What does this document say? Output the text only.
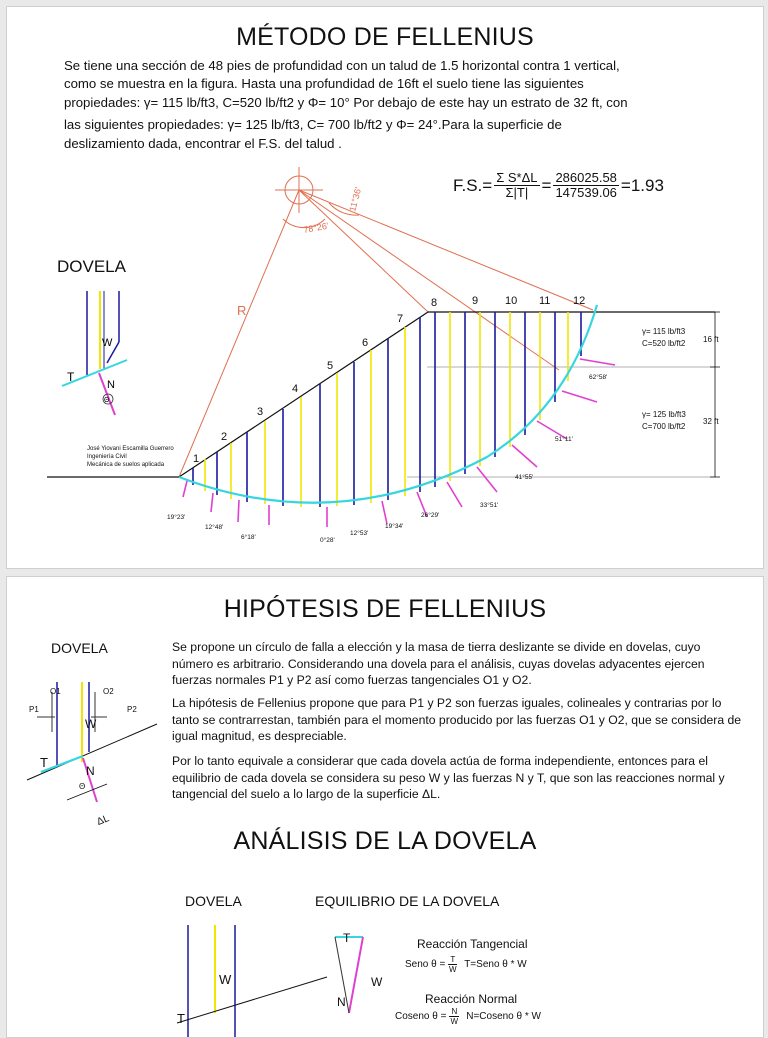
MÉTODO DE FELLENIUS
Se tiene una sección de 48 pies de profundidad con un talud de 1.5 horizontal contra 1 vertical,
como se muestra en la figura. Hasta una profundidad de 16ft el suelo tiene las siguientes
propiedades: γ= 115 lb/ft3, C=520 lb/ft2 y Φ= 10° Por debajo de este hay un estrato de 32 ft, con
las siguientes propiedades: γ= 125 lb/ft3, C= 700 lb/ft2 y Φ= 24°.Para la superficie de
deslizamiento dada, encontrar el F.S. del talud .
$F.S.= \frac{\text{Σ S*ΔL}}{\Sigma|T|} = \frac{286025.58}{147539.06} =1.93$
DOVELA
W
T
N
Θ
78°26'
11°36'
R
1
2
3
4
5
6
7
8	9 10 11 12
γ= 115 lb/ft3
C=520 lb/ft2 16 ft
γ= 125 lb/ft3
C=700 lb/ft2
32 ft
José Yiovani Escamilla Guerrero
Ingeniería Civil
Mecánica de suelos aplicada
19°23'
12°48'
6°18'	0°28'
12°53'
19°34'
26°29'
33°51'
41°55'
51°11'
62°58'
HIPÓTESIS DE FELLENIUS
DOVELA
O1	O2
P1	P2
W
T
N
Θ
ΔL
Se propone un círculo de falla a elección y la masa de tierra deslizante se divide en dovelas, cuyo número es arbitrario. Considerando una dovela para el análisis, cuyas dovelas adyacentes ejercen fuerzas normales P1 y P2 así como fuerzas tangenciales O1 y O2.
La hipótesis de Fellenius propone que para P1 y P2 son fuerzas iguales, colineales y contrarias por lo tanto se contrarrestan, también para el momento producido por las fuerzas O1 y O2, que se considera de igual magnitud, es despreciable.
Por lo tanto equivale a considerar que cada dovela actúa de forma independiente, entonces para el equilibrio de cada dovela se considera su peso W y las fuerzas N y T, que son las reacciones normal y tangencial del suelo a lo largo de la superficie ΔL.
ANÁLISIS DE LA DOVELA
DOVELA	EQUILIBRIO DE LA DOVELA
W
T
T
W
N
Reacción Tangencial
Seno $\theta = \frac{T}{W}$ T=Seno θ * W
Reacción Normal
Coseno $\theta = \frac{N}{W}$ N=Coseno θ * W
